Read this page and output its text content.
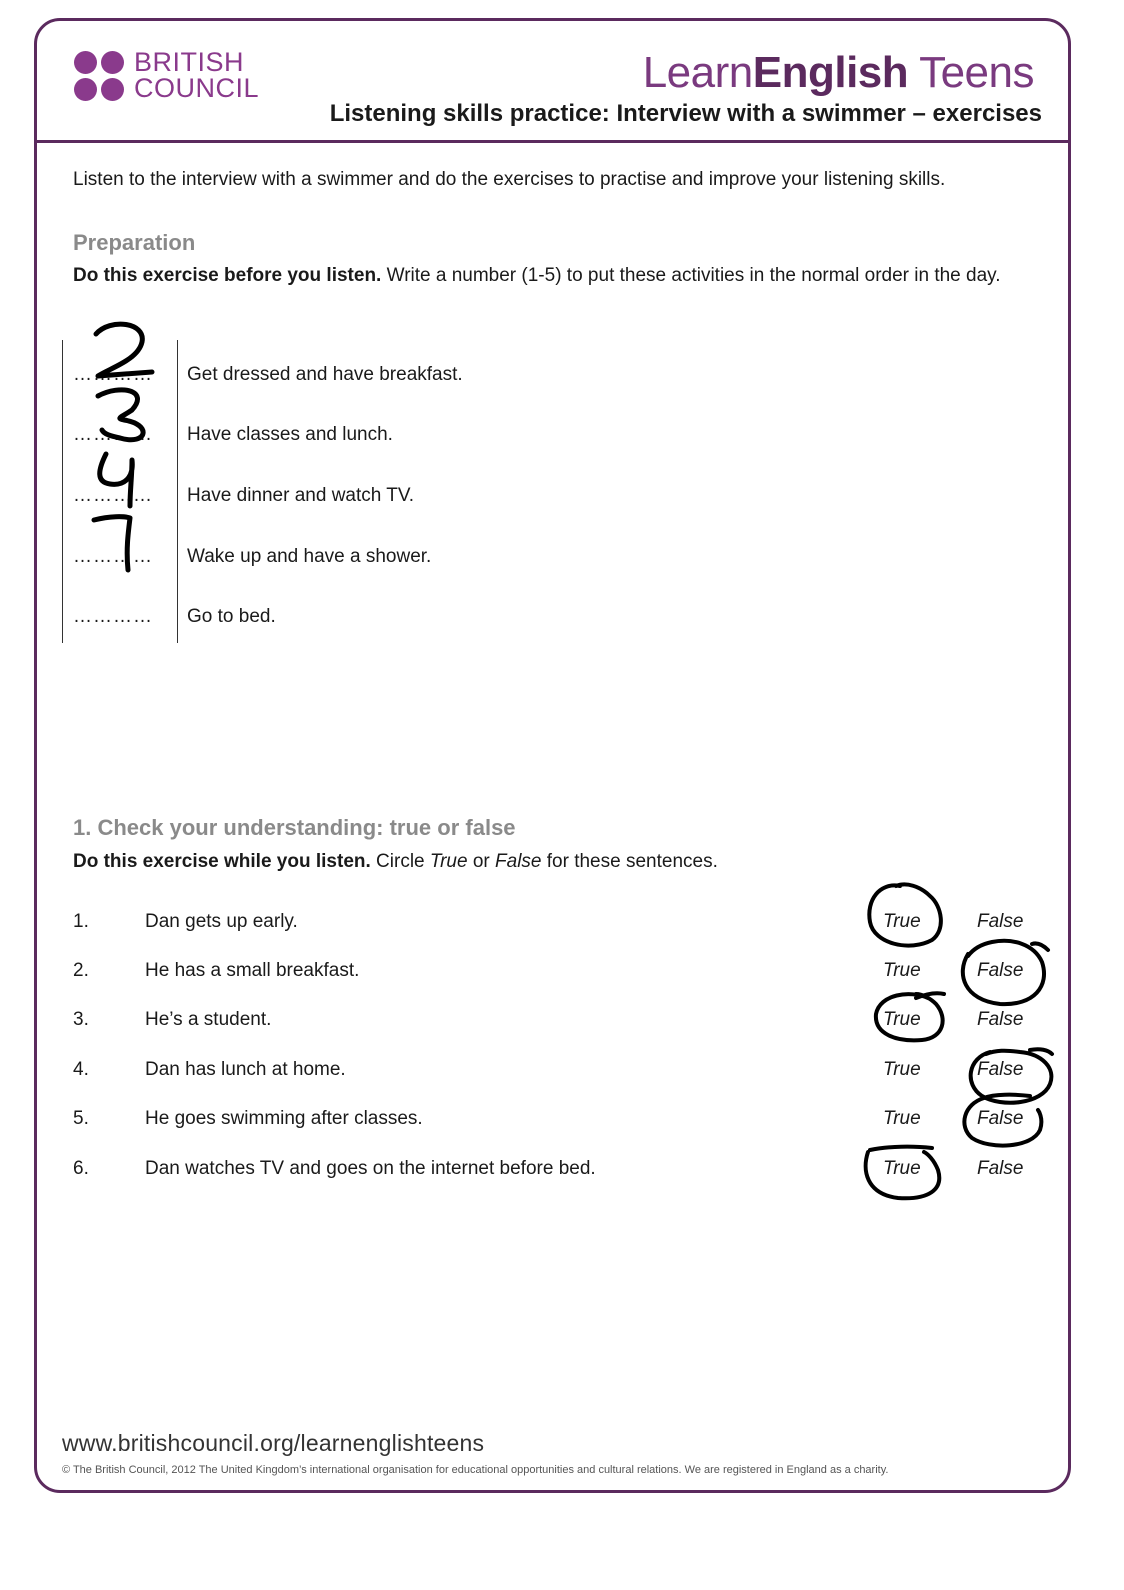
BRITISH
COUNCIL	LearnEnglish Teens
Listening skills practice: Interview with a swimmer – exercises
Listen to the interview with a swimmer and do the exercises to practise and improve your listening skills.
Preparation
Do this exercise before you listen. Write a number (1-5) to put these activities in the normal order in the day.
…………	Get dressed and have breakfast.
…………	Have classes and lunch.
…………	Have dinner and watch TV.
…………	Wake up and have a shower.
…………	Go to bed.
1. Check your understanding: true or false
Do this exercise while you listen. Circle True or False for these sentences.
1.	Dan gets up early.	True	False
2.	He has a small breakfast.	True	False
3.	He’s a student.	True	False
4.	Dan has lunch at home.	True	False
5.	He goes swimming after classes.	True	False
6.	Dan watches TV and goes on the internet before bed.	True	False
www.britishcouncil.org/learnenglishteens
© The British Council, 2012 The United Kingdom’s international organisation for educational opportunities and cultural relations. We are registered in England as a charity.
